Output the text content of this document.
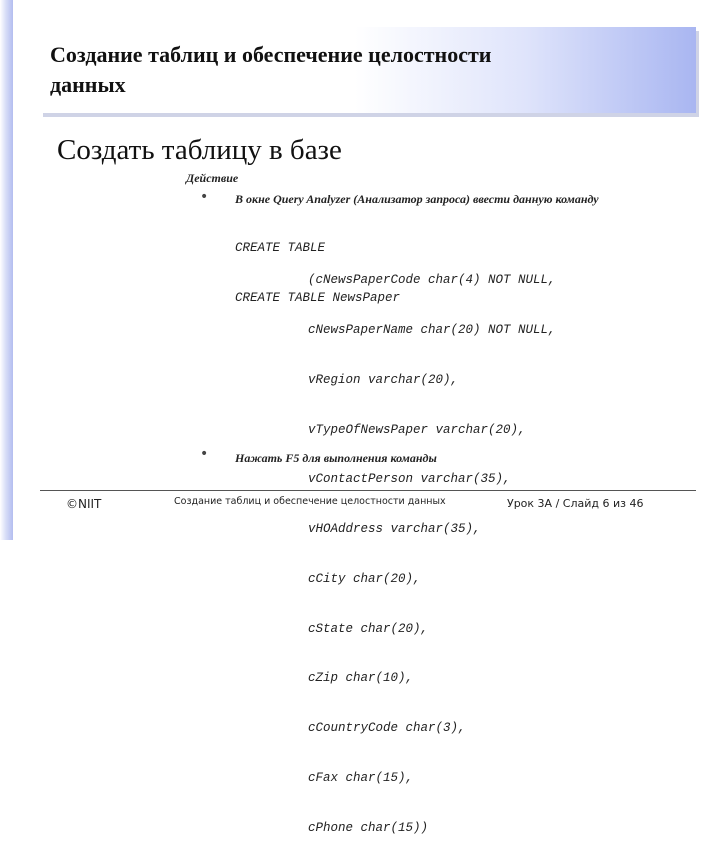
Создание таблиц и обеспечение целостности
данных
Создать таблицу в базе
Действие
• В окне Query Analyzer (Анализатор запроса) ввести данную команду

CREATE TABLE

CREATE TABLE NewsPaper

(cNewsPaperCode char(4) NOT NULL,

cNewsPaperName char(20) NOT NULL,

vRegion varchar(20),

vTypeOfNewsPaper varchar(20),

vContactPerson varchar(35),

vHOAddress varchar(35),

cCity char(20),

cState char(20),

cZip char(10),

cCountryCode char(3),

cFax char(15),

cPhone char(15))

• Нажать F5 для выполнения команды
©NIIT	Создание таблиц и обеспечение целостности данных	Урок 3A / Слайд 6 из 46
